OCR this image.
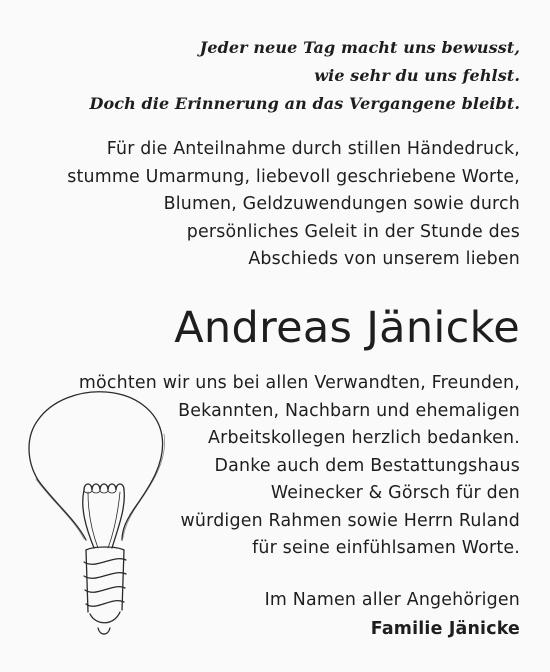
Jeder neue Tag macht uns bewusst,
wie sehr du uns fehlst.
Doch die Erinnerung an das Vergangene bleibt.
Für die Anteilnahme durch stillen Händedruck,
stumme Umarmung, liebevoll geschriebene Worte,
Blumen, Geldzuwendungen sowie durch
persönliches Geleit in der Stunde des
Abschieds von unserem lieben
Andreas Jänicke
möchten wir uns bei allen Verwandten, Freunden,
Bekannten, Nachbarn und ehemaligen
Arbeitskollegen herzlich bedanken.
Danke auch dem Bestattungshaus
Weinecker & Görsch für den
würdigen Rahmen sowie Herrn Ruland
für seine einfühlsamen Worte.
Im Namen aller Angehörigen
Familie Jänicke
